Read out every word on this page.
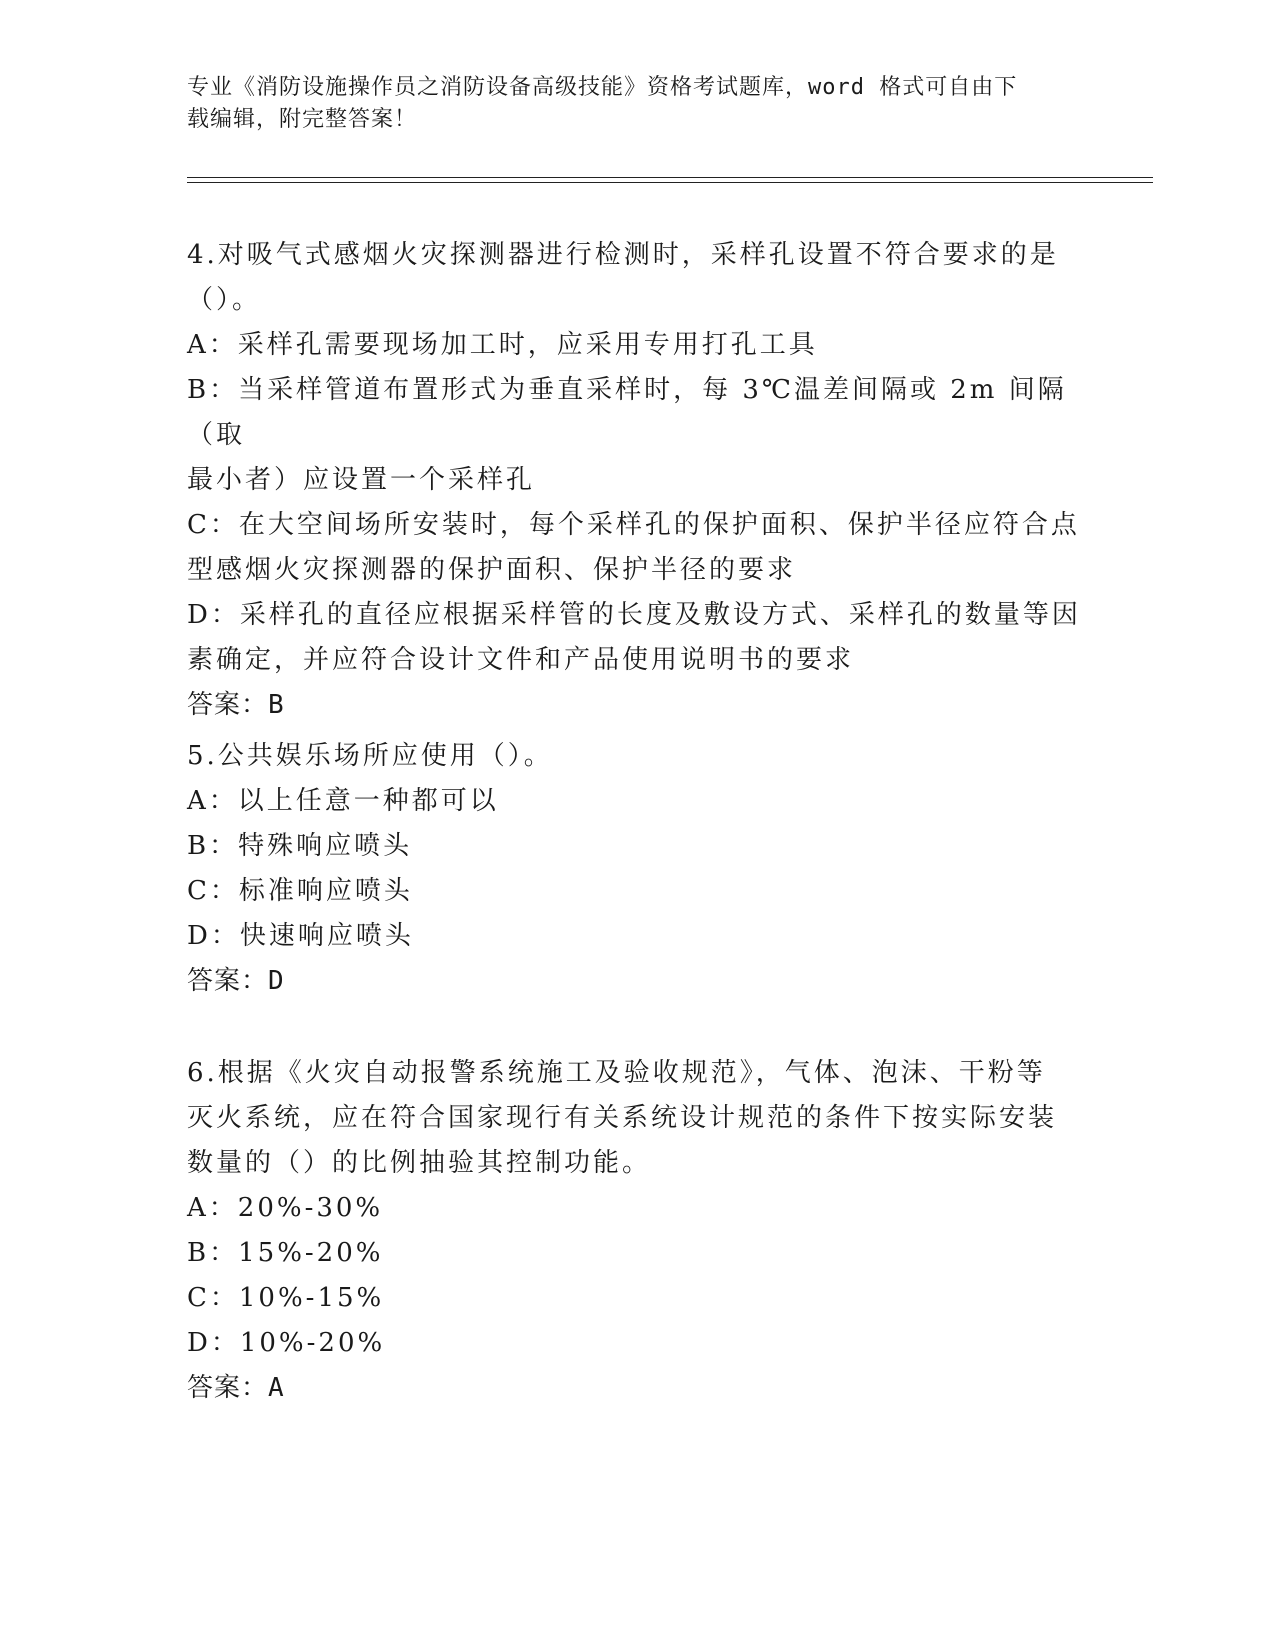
专业《消防设施操作员之消防设备高级技能》资格考试题库，word 格式可自由下
载编辑，附完整答案！

4.对吸气式感烟火灾探测器进行检测时，采样孔设置不符合要求的是

（）。

A：采样孔需要现场加工时，应采用专用打孔工具

B：当采样管道布置形式为垂直采样时，每 3℃温差间隔或 2m 间隔（取

最小者）应设置一个采样孔

C：在大空间场所安装时，每个采样孔的保护面积、保护半径应符合点

型感烟火灾探测器的保护面积、保护半径的要求

D：采样孔的直径应根据采样管的长度及敷设方式、采样孔的数量等因

素确定，并应符合设计文件和产品使用说明书的要求

答案：B

5.公共娱乐场所应使用（）。

A：以上任意一种都可以

B：特殊响应喷头

C：标准响应喷头

D：快速响应喷头

答案：D

6.根据《火灾自动报警系统施工及验收规范》，气体、泡沫、干粉等

灭火系统，应在符合国家现行有关系统设计规范的条件下按实际安装

数量的（）的比例抽验其控制功能。

A：20%-30%

B：15%-20%

C：10%-15%

D：10%-20%

答案：A
